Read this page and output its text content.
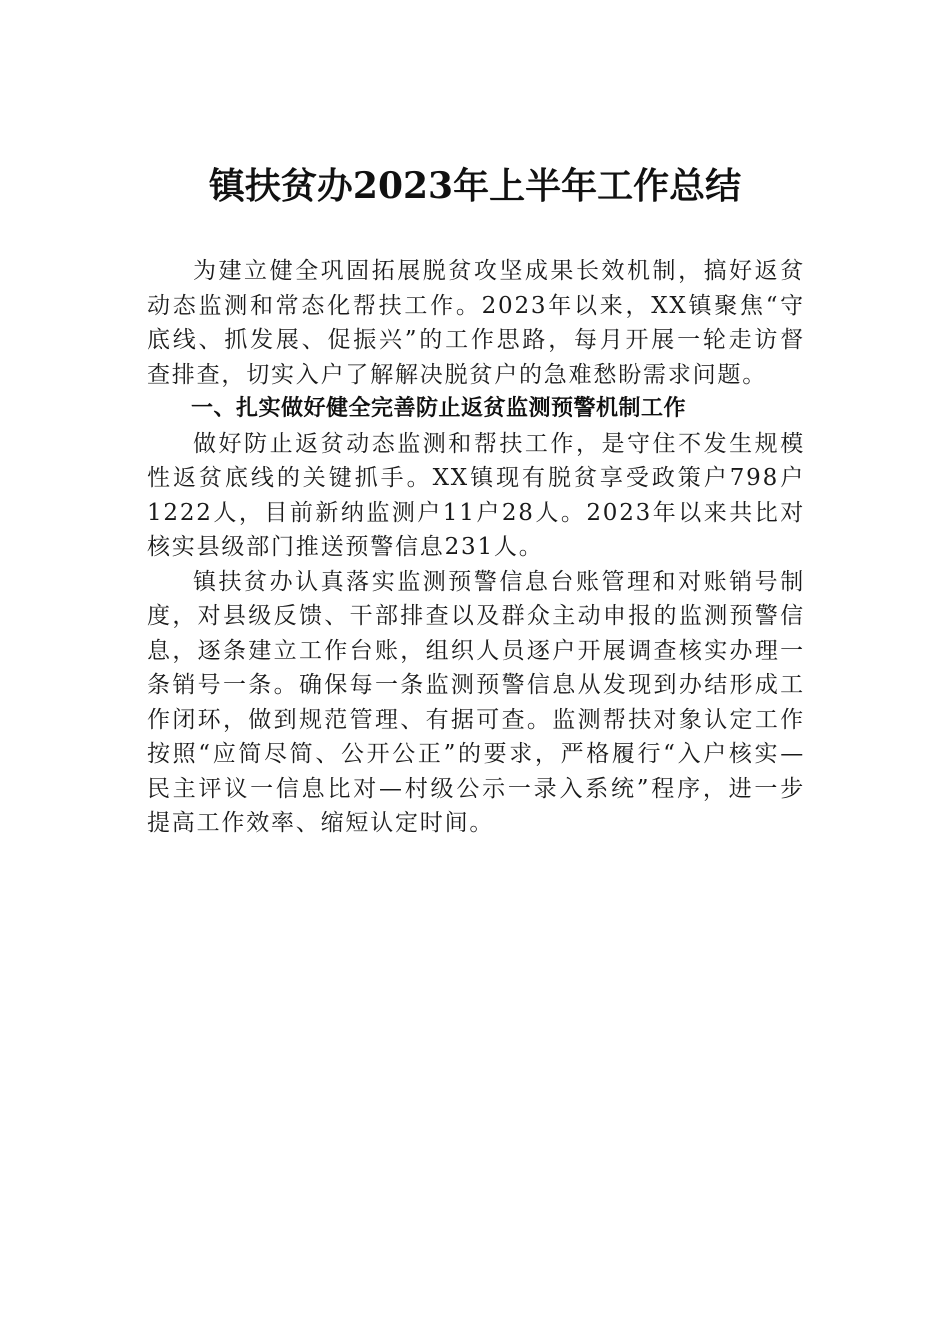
镇扶贫办2023年上半年工作总结

为建立健全巩固拓展脱贫攻坚成果长效机制，搞好返贫动态监测和常态化帮扶工作。2023年以来，XX镇聚焦“守底线、抓发展、促振兴”的工作思路，每月开展一轮走访督查排查，切实入户了解解决脱贫户的急难愁盼需求问题。

一、扎实做好健全完善防止返贫监测预警机制工作

做好防止返贫动态监测和帮扶工作，是守住不发生规模性返贫底线的关键抓手。XX镇现有脱贫享受政策户798户1222人，目前新纳监测户11户28人。2023年以来共比对核实县级部门推送预警信息231人。

镇扶贫办认真落实监测预警信息台账管理和对账销号制度，对县级反馈、干部排查以及群众主动申报的监测预警信息，逐条建立工作台账，组织人员逐户开展调查核实办理一条销号一条。确保每一条监测预警信息从发现到办结形成工作闭环，做到规范管理、有据可查。监测帮扶对象认定工作按照“应简尽简、公开公正”的要求，严格履行“入户核实—民主评议一信息比对—村级公示一录入系统”程序，进一步提高工作效率、缩短认定时间。
